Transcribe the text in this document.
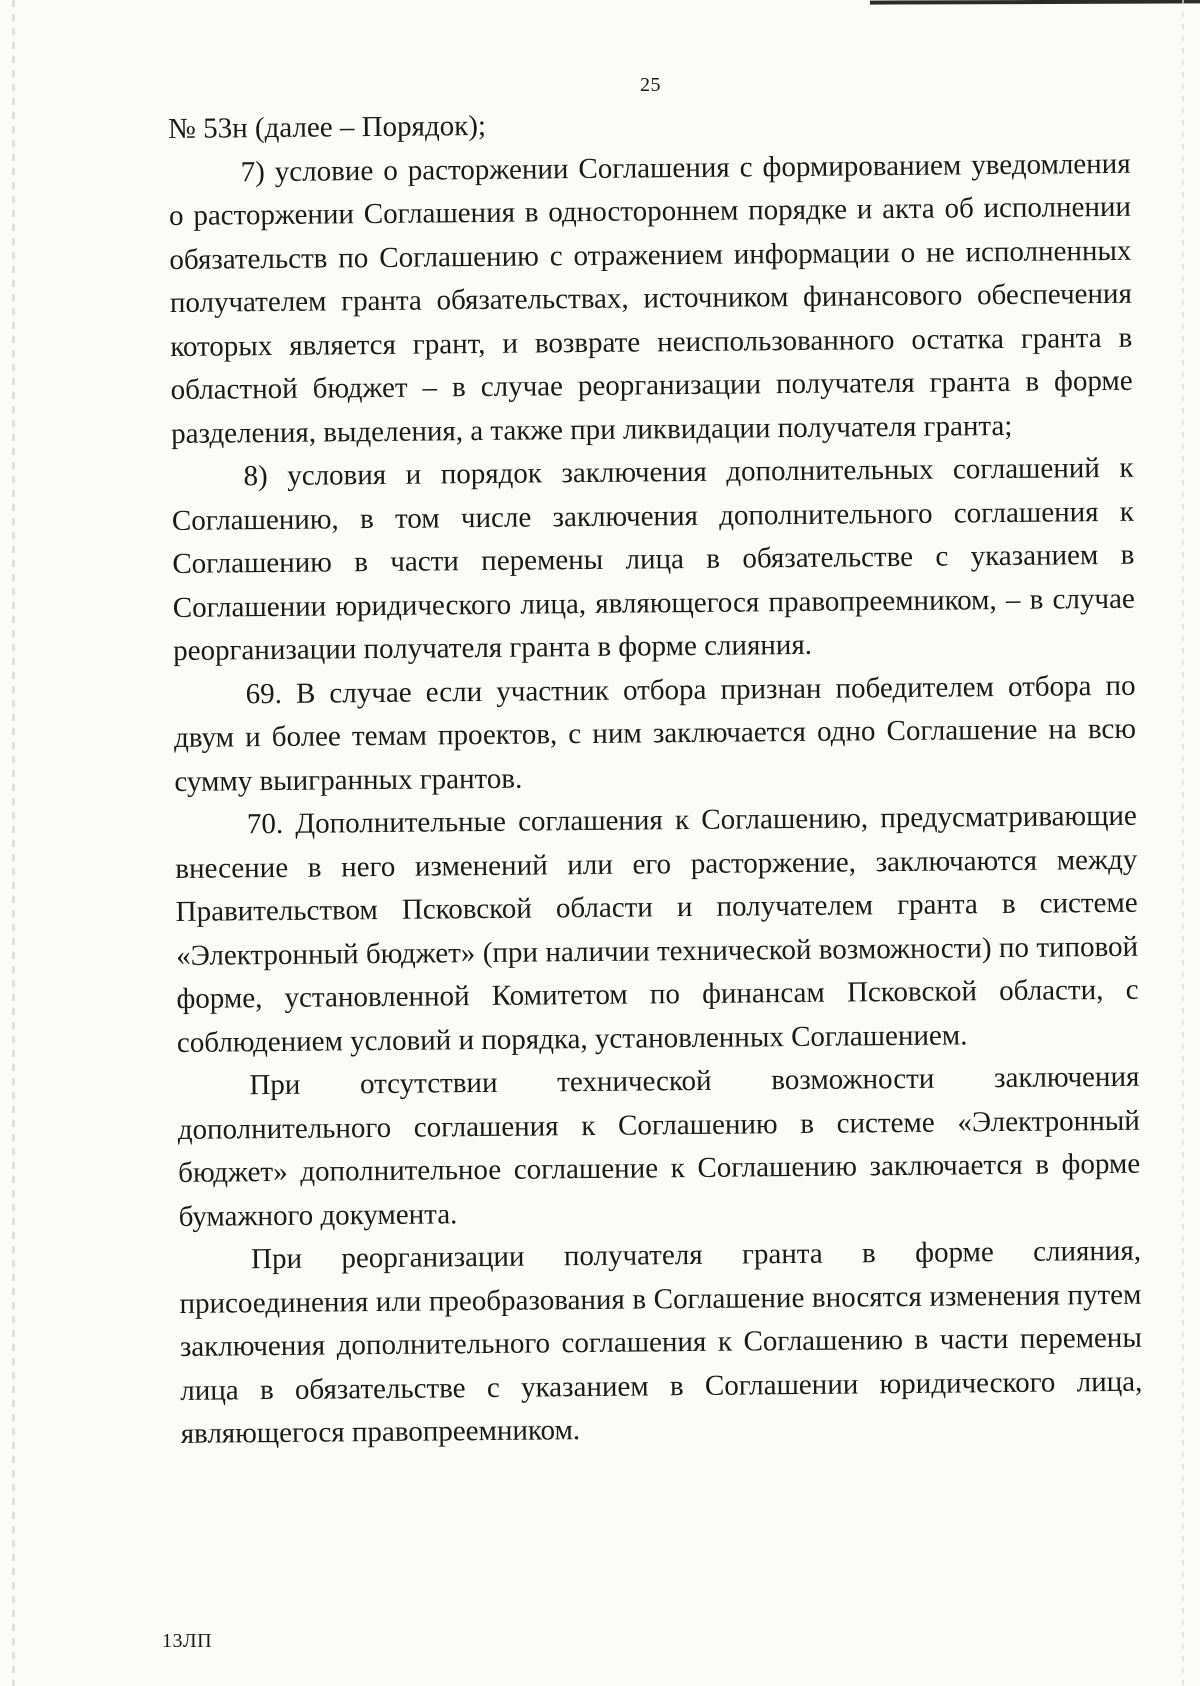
25

№ 53н (далее – Порядок);

7) условие о расторжении Соглашения с формированием уведомления о расторжении Соглашения в одностороннем порядке и акта об исполнении обязательств по Соглашению с отражением информации о не исполненных получателем гранта обязательствах, источником финансового обеспечения которых является грант, и возврате неиспользованного остатка гранта в областной бюджет – в случае реорганизации получателя гранта в форме разделения, выделения, а также при ликвидации получателя гранта;

8) условия и порядок заключения дополнительных соглашений к Соглашению, в том числе заключения дополнительного соглашения к Соглашению в части перемены лица в обязательстве с указанием в Соглашении юридического лица, являющегося правопреемником, – в случае реорганизации получателя гранта в форме слияния.

69. В случае если участник отбора признан победителем отбора по двум и более темам проектов, с ним заключается одно Соглашение на всю сумму выигранных грантов.

70. Дополнительные соглашения к Соглашению, предусматривающие внесение в него изменений или его расторжение, заключаются между Правительством Псковской области и получателем гранта в системе «Электронный бюджет» (при наличии технической возможности) по типовой форме, установленной Комитетом по финансам Псковской области, с соблюдением условий и порядка, установленных Соглашением.

При отсутствии технической возможности заключения дополнительного соглашения к Соглашению в системе «Электронный бюджет» дополнительное соглашение к Соглашению заключается в форме бумажного документа.

При реорганизации получателя гранта в форме слияния, присоединения или преобразования в Соглашение вносятся изменения путем заключения дополнительного соглашения к Соглашению в части перемены лица в обязательстве с указанием в Соглашении юридического лица, являющегося правопреемником.

13ЛП
